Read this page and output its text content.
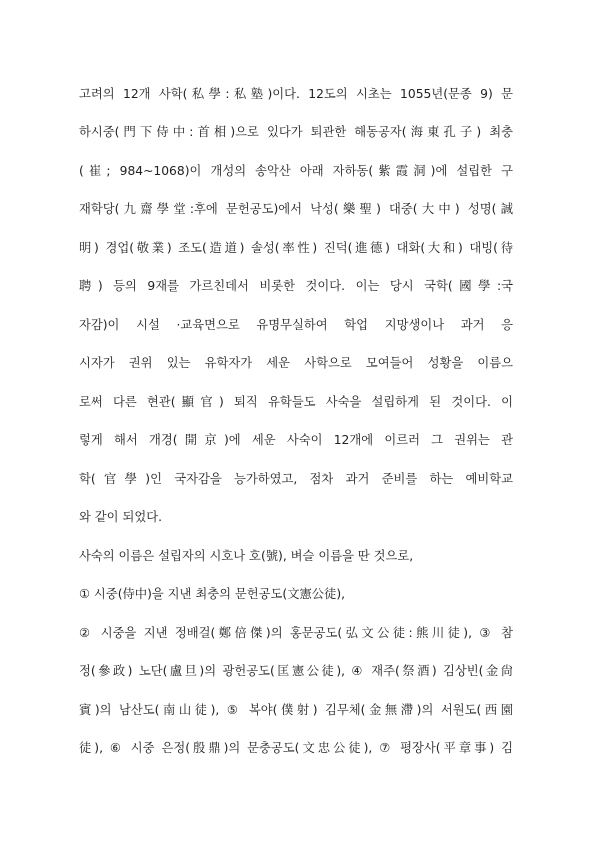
고려의 12개 사학(私學:私塾)이다. 12도의 시초는 1055년(문종 9) 문
하시중(門下侍中:首相)으로 있다가 퇴관한 해동공자(海東孔子) 최충
(崔; 984~1068)이 개성의 송악산 아래 자하동(紫霞洞)에 설립한 구
재학당(九齋學堂:후에 문헌공도)에서 낙성(樂聖) 대중(大中) 성명(誠
明) 경업(敬業) 조도(造道) 솔성(率性) 진덕(進德) 대화(大和) 대빙(待
聘) 등의 9재를 가르친데서 비롯한 것이다. 이는 당시 국학(國學:국
자감)이 시설 ·교육면으로 유명무실하여 학업 지망생이나 과거 응
시자가 권위 있는 유학자가 세운 사학으로 모여들어 성황을 이름으
로써 다른 현관(顯官) 퇴직 유학들도 사숙을 설립하게 된 것이다. 이
렇게 해서 개경(開京)에 세운 사숙이 12개에 이르러 그 권위는 관
학(官學)인 국자감을 능가하였고, 점차 과거 준비를 하는 예비학교
와 같이 되었다.
사숙의 이름은 설립자의 시호나 호(號), 벼슬 이름을 딴 것으로,
① 시중(侍中)을 지낸 최충의 문헌공도(文憲公徒),
② 시중을 지낸 정배걸(鄭倍傑)의 홍문공도(弘文公徒:熊川徒), ③ 참
정(參政) 노단(盧旦)의 광헌공도(匡憲公徒), ④ 재주(祭酒) 김상빈(金尙
賓)의 남산도(南山徒), ⑤ 복야(僕射) 김무체(金無滯)의 서원도(西園
徒), ⑥ 시중 은정(殷鼎)의 문충공도(文忠公徒), ⑦ 평장사(平章事) 김
